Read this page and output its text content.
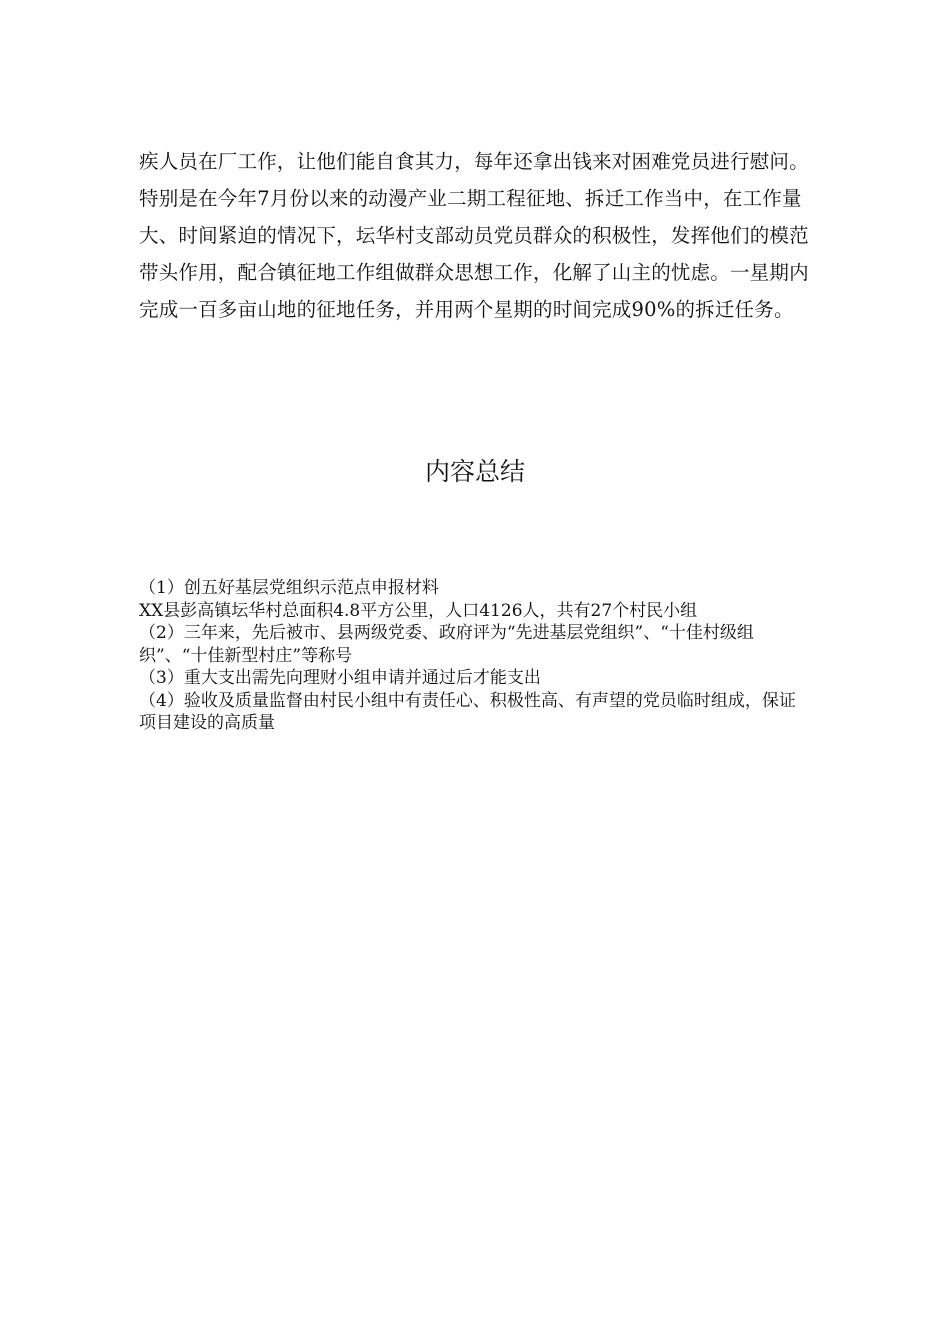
疾人员在厂工作，让他们能自食其力，每年还拿出钱来对困难党员进行慰问。特别是在今年7月份以来的动漫产业二期工程征地、拆迁工作当中，在工作量大、时间紧迫的情况下，坛华村支部动员党员群众的积极性，发挥他们的模范带头作用，配合镇征地工作组做群众思想工作，化解了山主的忧虑。一星期内完成一百多亩山地的征地任务，并用两个星期的时间完成90%的拆迁任务。

内容总结
（1）创五好基层党组织示范点申报材料
XX县彭高镇坛华村总面积4.8平方公里，人口4126人，共有27个村民小组
（2）三年来，先后被市、县两级党委、政府评为“先进基层党组织”、“十佳村级组织”、“十佳新型村庄”等称号
（3）重大支出需先向理财小组申请并通过后才能支出
（4）验收及质量监督由村民小组中有责任心、积极性高、有声望的党员临时组成，保证项目建设的高质量
